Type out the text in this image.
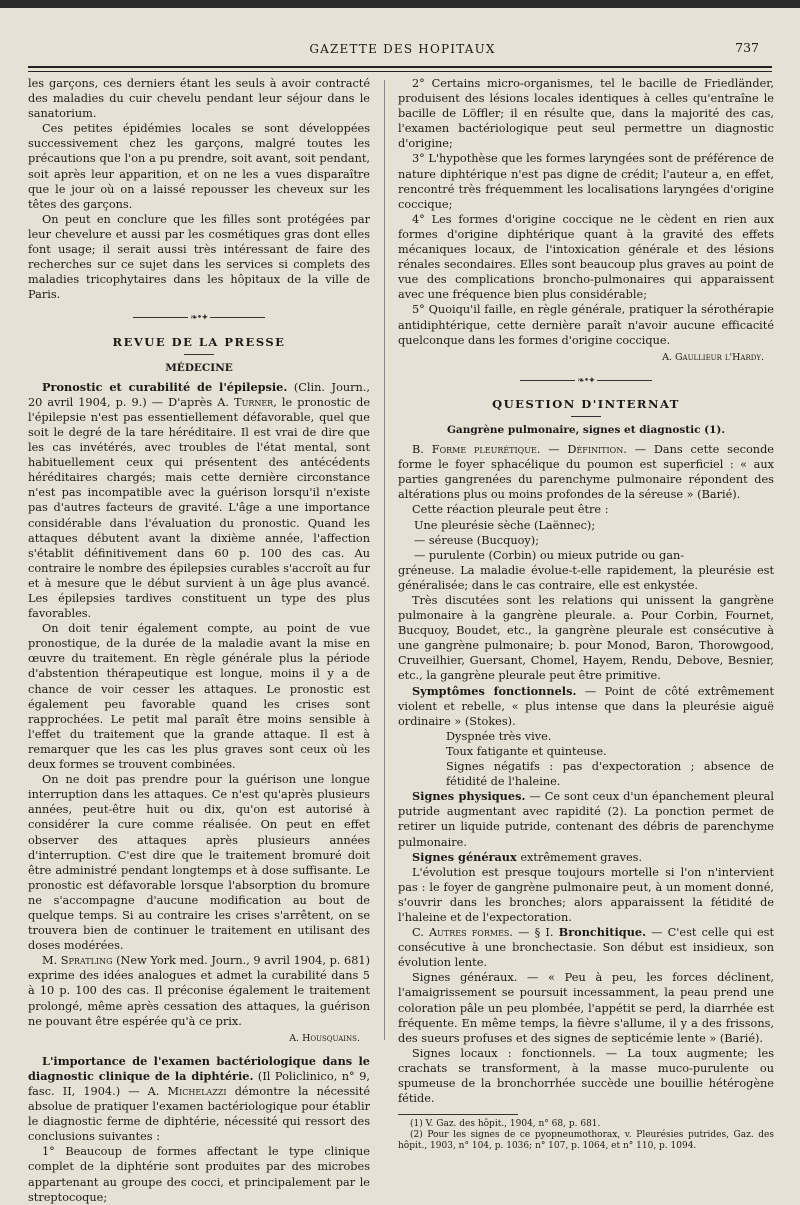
GAZETTE DES HOPITAUX	737

les garçons, ces derniers étant les seuls à avoir contracté des maladies du cuir chevelu pendant leur séjour dans le sanatorium.

Ces petites épidémies locales se sont développées successivement chez les garçons, malgré toutes les précautions que l'on a pu prendre, soit avant, soit pendant, soit après leur apparition, et on ne les a vues disparaître que le jour où on a laissé repousser les cheveux sur les têtes des garçons.

On peut en conclure que les filles sont protégées par leur chevelure et aussi par les cosmétiques gras dont elles font usage; il serait aussi très intéressant de faire des recherches sur ce sujet dans les services si complets des maladies tricophytaires dans les hôpitaux de la ville de Paris.

❧•✦
REVUE DE LA PRESSE
MÉDECINE

Pronostic et curabilité de l'épilepsie. (Clin. Journ., 20 avril 1904, p. 9.) — D'après A. Turner, le pronostic de l'épilepsie n'est pas essentiellement défavorable, quel que soit le degré de la tare héréditaire. Il est vrai de dire que les cas invétérés, avec troubles de l'état mental, sont habituellement ceux qui présentent des antécédents héréditaires chargés; mais cette dernière circonstance n'est pas incompatible avec la guérison lorsqu'il n'existe pas d'autres facteurs de gravité. L'âge a une importance considérable dans l'évaluation du pronostic. Quand les attaques débutent avant la dixième année, l'affection s'établit définitivement dans 60 p. 100 des cas. Au contraire le nombre des épilepsies curables s'accroît au fur et à mesure que le début survient à un âge plus avancé. Les épilepsies tardives constituent un type des plus favorables.

On doit tenir également compte, au point de vue pronostique, de la durée de la maladie avant la mise en œuvre du traitement. En règle générale plus la période d'abstention thérapeutique est longue, moins il y a de chance de voir cesser les attaques. Le pronostic est également peu favorable quand les crises sont rapprochées. Le petit mal paraît être moins sensible à l'effet du traitement que la grande attaque. Il est à remarquer que les cas les plus graves sont ceux où les deux formes se trouvent combinées.

On ne doit pas prendre pour la guérison une longue interruption dans les attaques. Ce n'est qu'après plusieurs années, peut-être huit ou dix, qu'on est autorisé à considérer la cure comme réalisée. On peut en effet observer des attaques après plusieurs années d'interruption. C'est dire que le traitement bromuré doit être administré pendant longtemps et à dose suffisante. Le pronostic est défavorable lorsque l'absorption du bromure ne s'accompagne d'aucune modification au bout de quelque temps. Si au contraire les crises s'arrêtent, on se trouvera bien de continuer le traitement en utilisant des doses modérées.

M. Spratling (New York med. Journ., 9 avril 1904, p. 681) exprime des idées analogues et admet la curabilité dans 5 à 10 p. 100 des cas. Il préconise également le traitement prolongé, même après cessation des attaques, la guérison ne pouvant être espérée qu'à ce prix.

A. Housquains.

L'importance de l'examen bactériologique dans le diagnostic clinique de la diphtérie. (Il Policlinico, n° 9, fasc. II, 1904.) — A. Michelazzi démontre la nécessité absolue de pratiquer l'examen bactériologique pour établir le diagnostic ferme de diphtérie, nécessité qui ressort des conclusions suivantes :

1° Beaucoup de formes affectant le type clinique complet de la diphtérie sont produites par des microbes appartenant au groupe des cocci, et principalement par le streptocoque;

2° Certains micro-organismes, tel le bacille de Friedländer, produisent des lésions locales identiques à celles qu'entraîne le bacille de Löffler; il en résulte que, dans la majorité des cas, l'examen bactériologique peut seul permettre un diagnostic d'origine;

3° L'hypothèse que les formes laryngées sont de préférence de nature diphtérique n'est pas digne de crédit; l'auteur a, en effet, rencontré très fréquemment les localisations laryngées d'origine coccique;

4° Les formes d'origine coccique ne le cèdent en rien aux formes d'origine diphtérique quant à la gravité des effets mécaniques locaux, de l'intoxication générale et des lésions rénales secondaires. Elles sont beaucoup plus graves au point de vue des complications broncho-pulmonaires qui apparaissent avec une fréquence bien plus considérable;

5° Quoiqu'il faille, en règle générale, pratiquer la sérothérapie antidiphtérique, cette dernière paraît n'avoir aucune efficacité quelconque dans les formes d'origine coccique.

A. Gaullieur l'Hardy.
❧•✦
QUESTION D'INTERNAT
Gangrène pulmonaire, signes et diagnostic (1).

B. Forme pleurétique. — Définition. — Dans cette seconde forme le foyer sphacélique du poumon est superficiel : « aux parties gangrenées du parenchyme pulmonaire répondent des altérations plus ou moins profondes de la séreuse » (Barié).

Cette réaction pleurale peut être :

Une pleurésie sèche (Laënnec);

— séreuse (Bucquoy);

— purulente (Corbin) ou mieux putride ou gan-

gréneuse. La maladie évolue-t-elle rapidement, la pleurésie est généralisée; dans le cas contraire, elle est enkystée.

Très discutées sont les relations qui unissent la gangrène pulmonaire à la gangrène pleurale. a. Pour Corbin, Fournet, Bucquoy, Boudet, etc., la gangrène pleurale est consécutive à une gangrène pulmonaire; b. pour Monod, Baron, Thorowgood, Cruveilhier, Guersant, Chomel, Hayem, Rendu, Debove, Besnier, etc., la gangrène pleurale peut être primitive.

Symptômes fonctionnels. — Point de côté extrêmement violent et rebelle, « plus intense que dans la pleurésie aiguë ordinaire » (Stokes).

Dyspnée très vive.

Toux fatigante et quinteuse.

Signes négatifs : pas d'expectoration ; absence de fétidité de l'haleine.

Signes physiques. — Ce sont ceux d'un épanchement pleural putride augmentant avec rapidité (2). La ponction permet de retirer un liquide putride, contenant des débris de parenchyme pulmonaire.

Signes généraux extrêmement graves.

L'évolution est presque toujours mortelle si l'on n'intervient pas : le foyer de gangrène pulmonaire peut, à un moment donné, s'ouvrir dans les bronches; alors apparaissent la fétidité de l'haleine et de l'expectoration.

C. Autres formes. — § I. Bronchitique. — C'est celle qui est consécutive à une bronchectasie. Son début est insidieux, son évolution lente.

Signes généraux. — « Peu à peu, les forces déclinent, l'amaigrissement se poursuit incessamment, la peau prend une coloration pâle un peu plombée, l'appétit se perd, la diarrhée est fréquente. En même temps, la fièvre s'allume, il y a des frissons, des sueurs profuses et des signes de septicémie lente » (Barié).

Signes locaux : fonctionnels. — La toux augmente; les crachats se transforment, à la masse muco-purulente ou spumeuse de la bronchorrhée succède une bouillie hétérogène fétide.

(1) V. Gaz. des hôpit., 1904, n° 68, p. 681.

(2) Pour les signes de ce pyopneumothorax, v. Pleurésies putrides, Gaz. des hôpit., 1903, n° 104, p. 1036; n° 107, p. 1064, et n° 110, p. 1094.
